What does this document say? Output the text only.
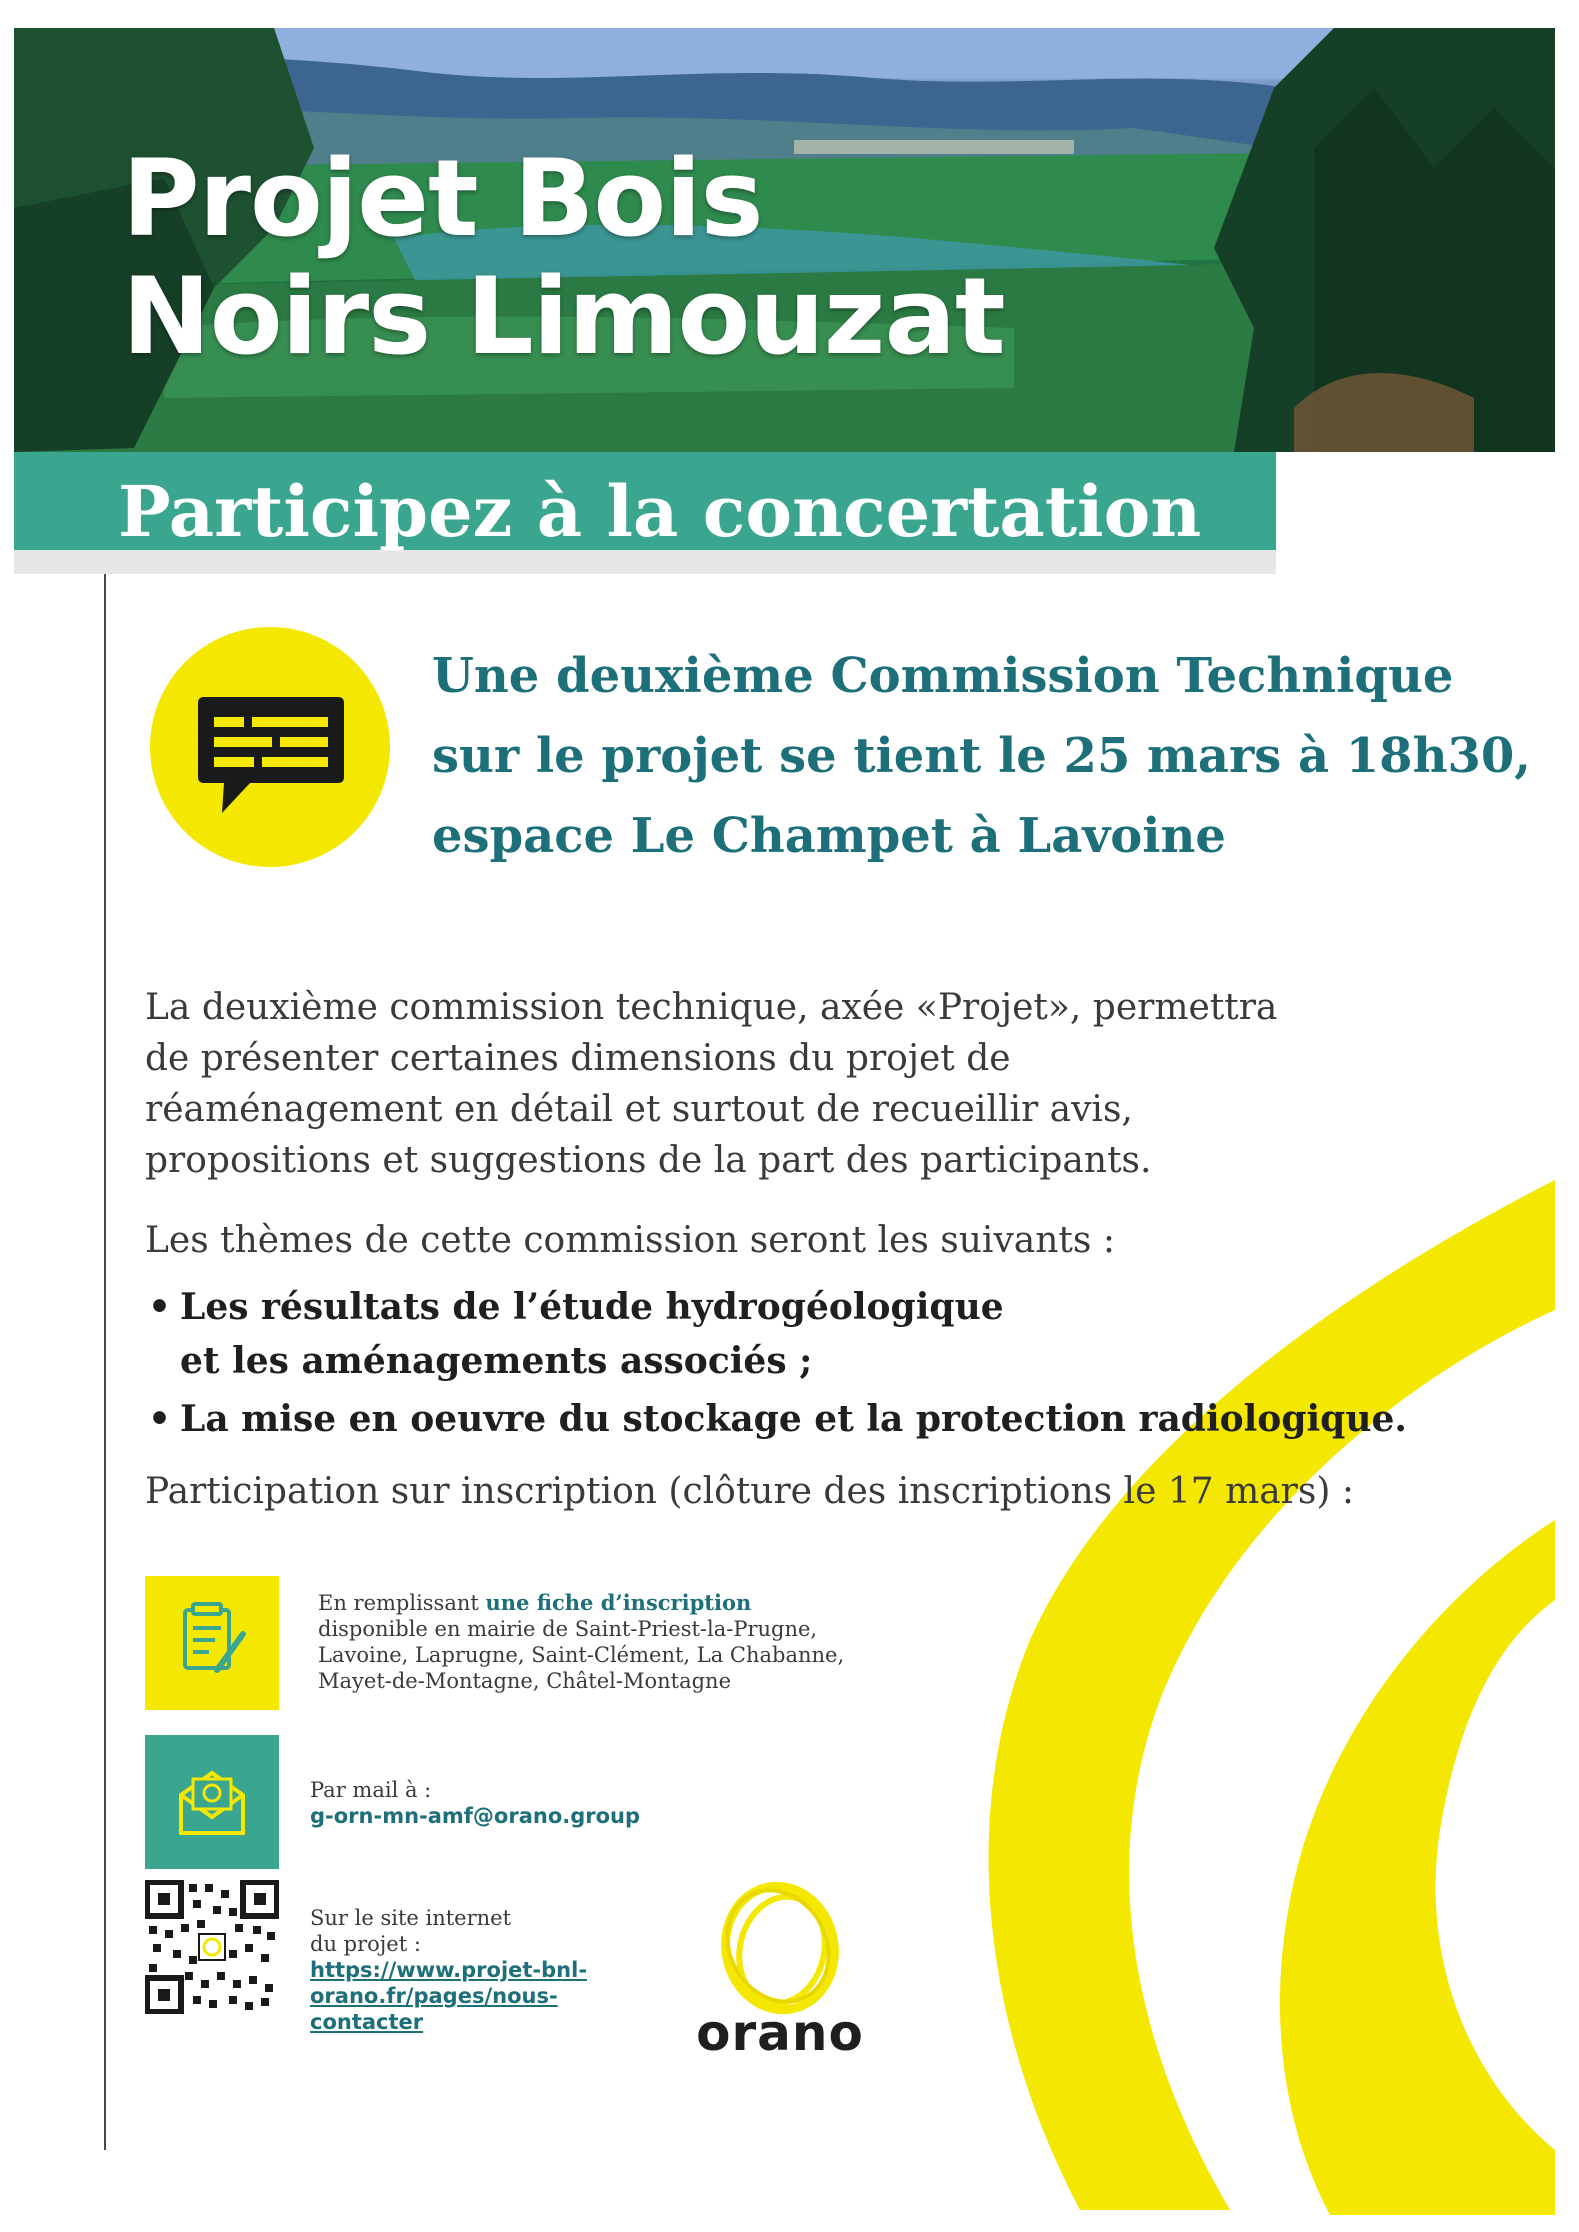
Projet Bois
Noirs Limouzat

Participez à la concertation

Une deuxième Commission Technique
sur le projet se tient le 25 mars à 18h30,
espace Le Champet à Lavoine

La deuxième commission technique, axée «Projet», permettra
de présenter certaines dimensions du projet de
réaménagement en détail et surtout de recueillir avis,
propositions et suggestions de la part des participants.

Les thèmes de cette commission seront les suivants :

• Les résultats de l’étude hydrogéologique
et les aménagements associés ;
• La mise en oeuvre du stockage et la protection radiologique.

Participation sur inscription (clôture des inscriptions le 17 mars) :

En remplissant une fiche d’inscription
disponible en mairie de Saint-Priest-la-Prugne,
Lavoine, Laprugne, Saint-Clément, La Chabanne,
Mayet-de-Montagne, Châtel-Montagne

Par mail à :
g-orn-mn-amf@orano.group

Sur le site internet
du projet :
https://www.projet-bnl-
orano.fr/pages/nous-contacter	orano
